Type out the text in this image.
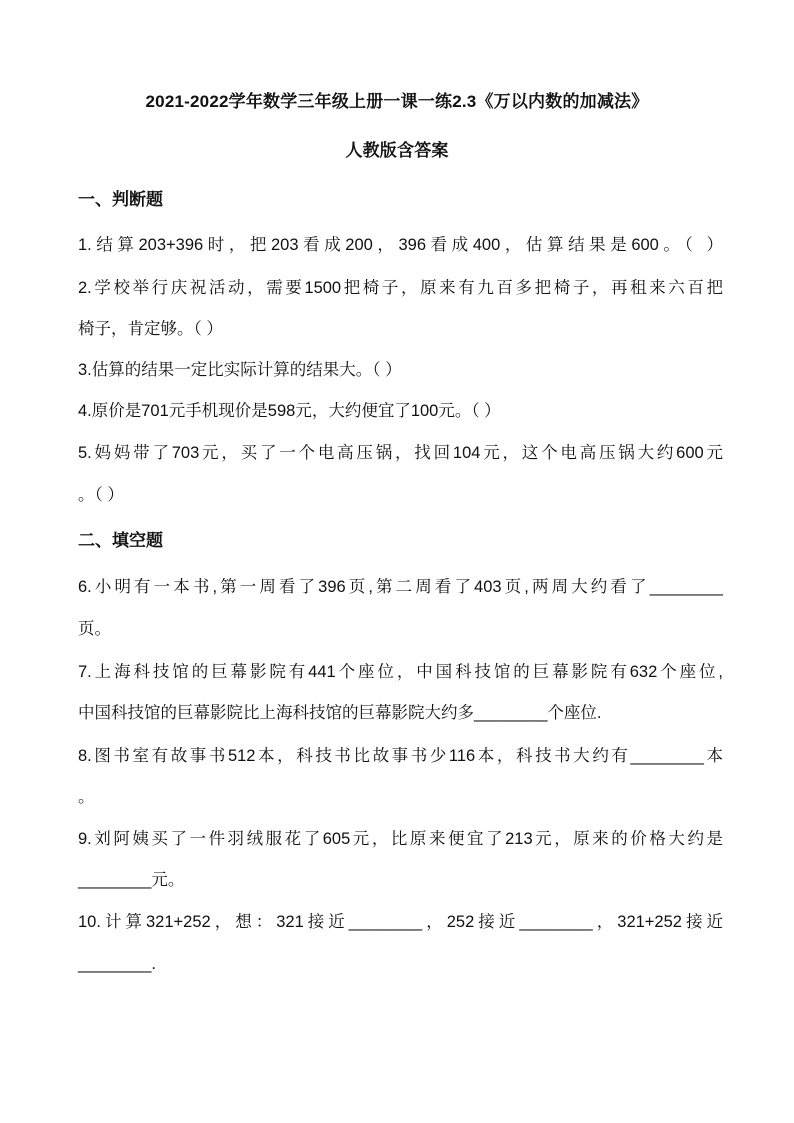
2021-2022学年数学三年级上册一课一练2.3《万以内数的加减法》
人教版含答案
一、判断题
1.结算203+396时，把203看成200，396看成400，估算结果是600。（ ）
2.学校举行庆祝活动，需要1500把椅子，原来有九百多把椅子，再租来六百把
椅子，肯定够。（ ）
3.估算的结果一定比实际计算的结果大。（ ）
4.原价是701元手机现价是598元，大约便宜了100元。（ ）
5.妈妈带了703元，买了一个电高压锅，找回104元，这个电高压锅大约600元
。（ ）
二、填空题
6.小明有一本书,第一周看了396页,第二周看了403页,两周大约看了________
页。
7.上海科技馆的巨幕影院有441个座位，中国科技馆的巨幕影院有632个座位,
中国科技馆的巨幕影院比上海科技馆的巨幕影院大约多________个座位.
8.图书室有故事书512本，科技书比故事书少116本，科技书大约有________本
。
9.刘阿姨买了一件羽绒服花了605元，比原来便宜了213元，原来的价格大约是
________元。
10.计算321+252，想：321接近________，252接近________，321+252接近
________.
